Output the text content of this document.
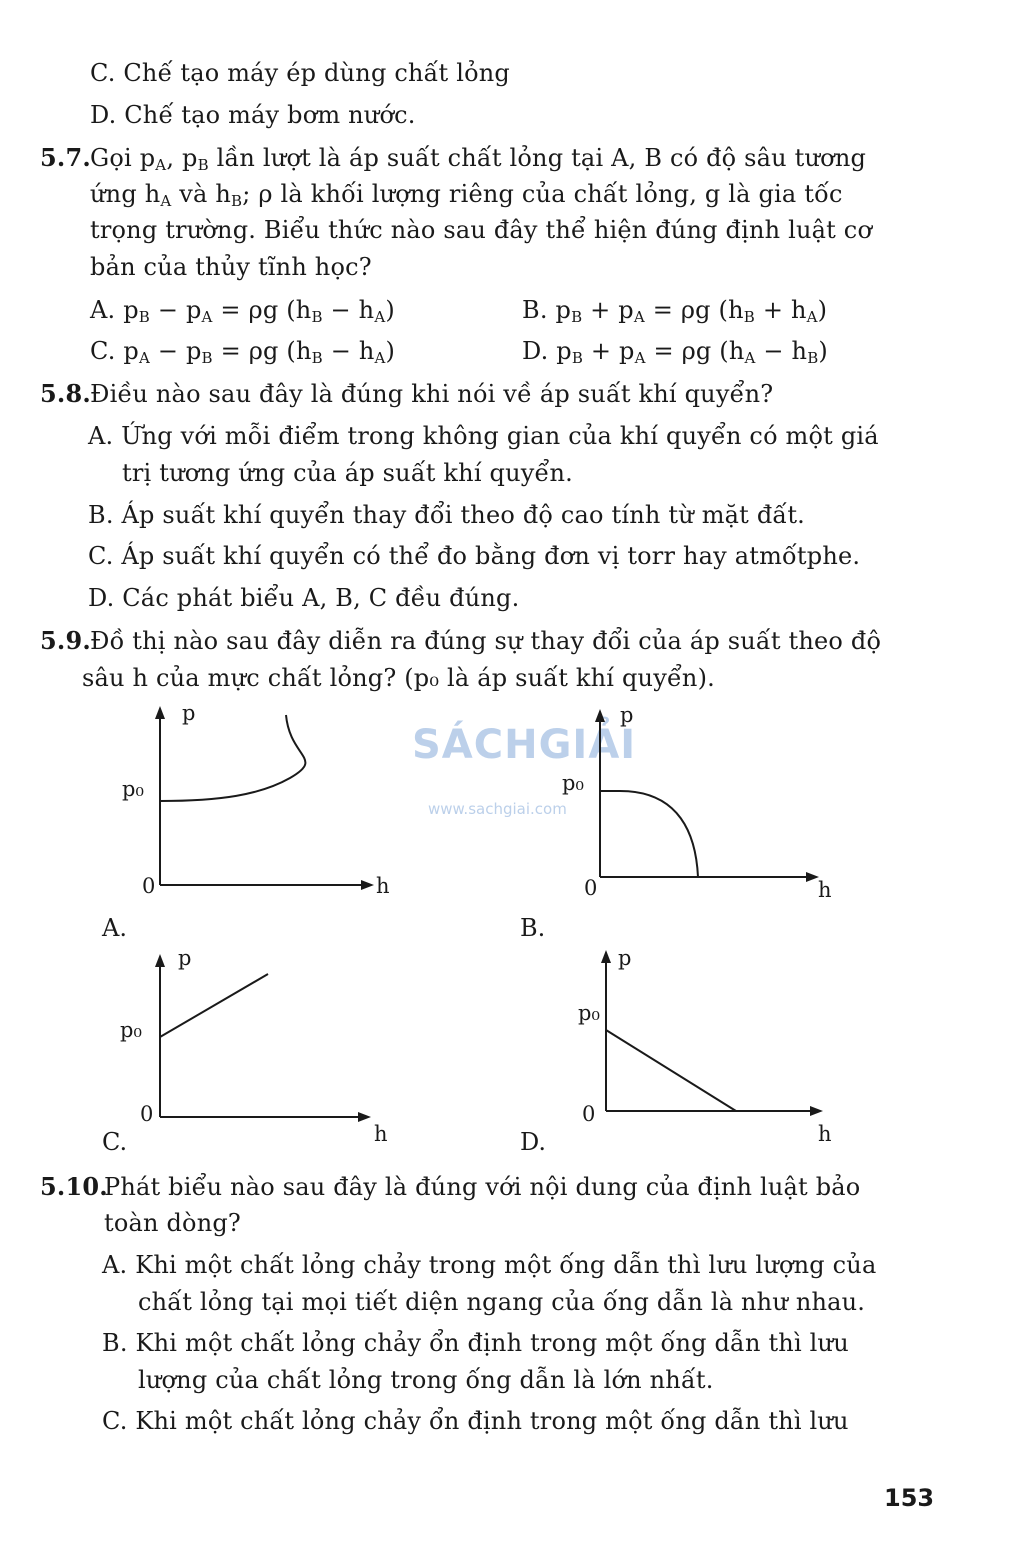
C. Chế tạo máy ép dùng chất lỏng
D. Chế tạo máy bơm nước.
5.7. Gọi $p_A$, $p_B$ lần lượt là áp suất chất lỏng tại A, B có độ sâu tương
ứng $h_A$ và $h_B$; ρ là khối lượng riêng của chất lỏng, g là gia tốc
trọng trường. Biểu thức nào sau đây thể hiện đúng định luật cơ
bản của thủy tĩnh học?
A. $p_B - p_A = \rho g$ $(h_B - h_A)$	B. $p_B + p_A = \rho g$ $(h_B + h_A)$
C. $p_A - p_B = \rho g$ $(h_B - h_A)$	D. $p_B + p_A = \rho g$ $(h_A - h_B)$
5.8. Điều nào sau đây là đúng khi nói về áp suất khí quyển?
A. Ứng với mỗi điểm trong không gian của khí quyển có một giá
trị tương ứng của áp suất khí quyển.
B. Áp suất khí quyển thay đổi theo độ cao tính từ mặt đất.
C. Áp suất khí quyển có thể đo bằng đơn vị torr hay atmốtphe.
D. Các phát biểu A, B, C đều đúng.
5.9. Đồ thị nào sau đây diễn ra đúng sự thay đổi của áp suất theo độ
sâu h của mực chất lỏng? (p₀ là áp suất khí quyển).
SÁCHGIẢI
www.sachgiai.com
p
h
0
p₀
A.
p
h
0
p₀
B.
p
h
0
p₀
C.
p
h
0
p₀
D.
5.10.
Phát biểu nào sau đây là đúng với nội dung của định luật bảo
toàn dòng?
A. Khi một chất lỏng chảy trong một ống dẫn thì lưu lượng của
chất lỏng tại mọi tiết diện ngang của ống dẫn là như nhau.
B. Khi một chất lỏng chảy ổn định trong một ống dẫn thì lưu
lượng của chất lỏng trong ống dẫn là lớn nhất.
C. Khi một chất lỏng chảy ổn định trong một ống dẫn thì lưu
153
